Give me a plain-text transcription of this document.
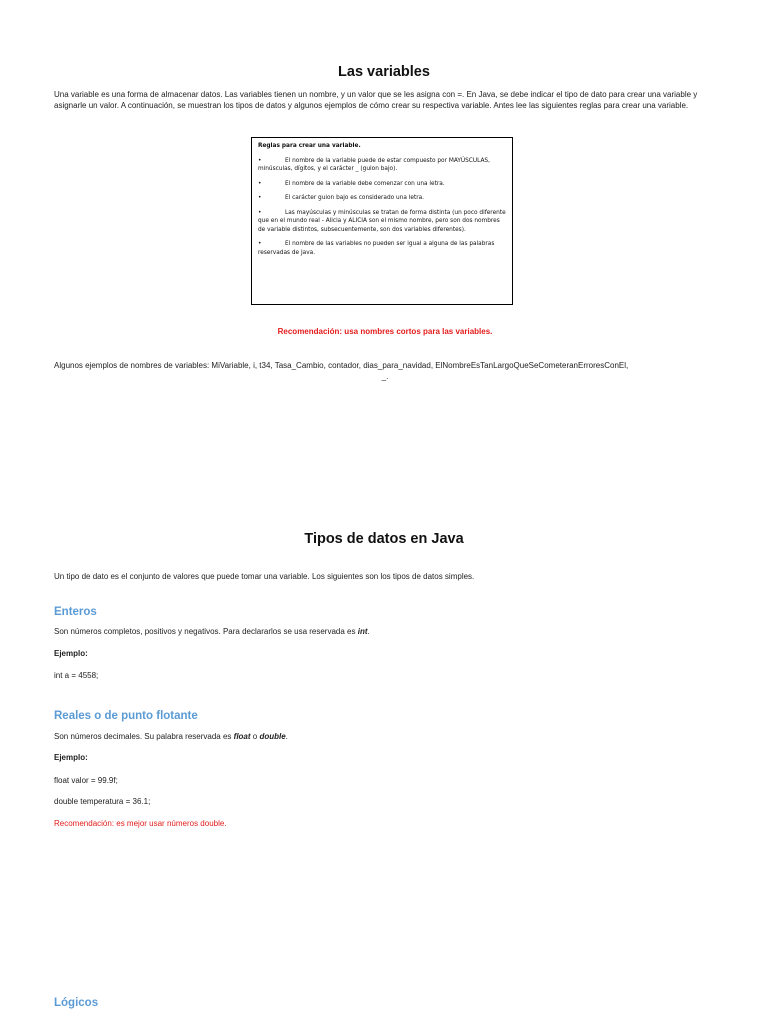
Las variables

Una variable es una forma de almacenar datos. Las variables tienen un nombre, y un valor que se les asigna con =. En Java, se debe indicar el tipo de dato para crear una variable y asignarle un valor. A continuación, se muestran los tipos de datos y algunos ejemplos de cómo crear su respectiva variable. Antes lee las siguientes reglas para crear una variable.

Reglas para crear una variable.

•	El nombre de la variable puede de estar compuesto por MAYÚSCULAS, minúsculas, dígitos, y el carácter _ (guion bajo).

•	El nombre de la variable debe comenzar con una letra.

•	El carácter guion bajo es considerado una letra.

•	Las mayúsculas y minúsculas se tratan de forma distinta (un poco diferente que en el mundo real - Alicia y ALICIA son el mismo nombre, pero son dos nombres de variable distintos, subsecuentemente, son dos variables diferentes).

•	El nombre de las variables no pueden ser igual a alguna de las palabras reservadas de Java.

Recomendación: usa nombres cortos para las variables.

Algunos ejemplos de nombres de variables: MiVariable, i, t34, Tasa_Cambio, contador, dias_para_navidad, ElNombreEsTanLargoQueSeCometeranErroresConEl,

_.

Tipos de datos en Java

Un tipo de dato es el conjunto de valores que puede tomar una variable. Los siguientes son los tipos de datos simples.

Enteros

Son números completos, positivos y negativos. Para declararlos se usa reservada es int.

Ejemplo:

int a = 4558;

Reales o de punto flotante

Son números decimales. Su palabra reservada es float o double.

Ejemplo:

float valor = 99.9f;

double temperatura = 36.1;

Recomendación: es mejor usar números double.

Lógicos
